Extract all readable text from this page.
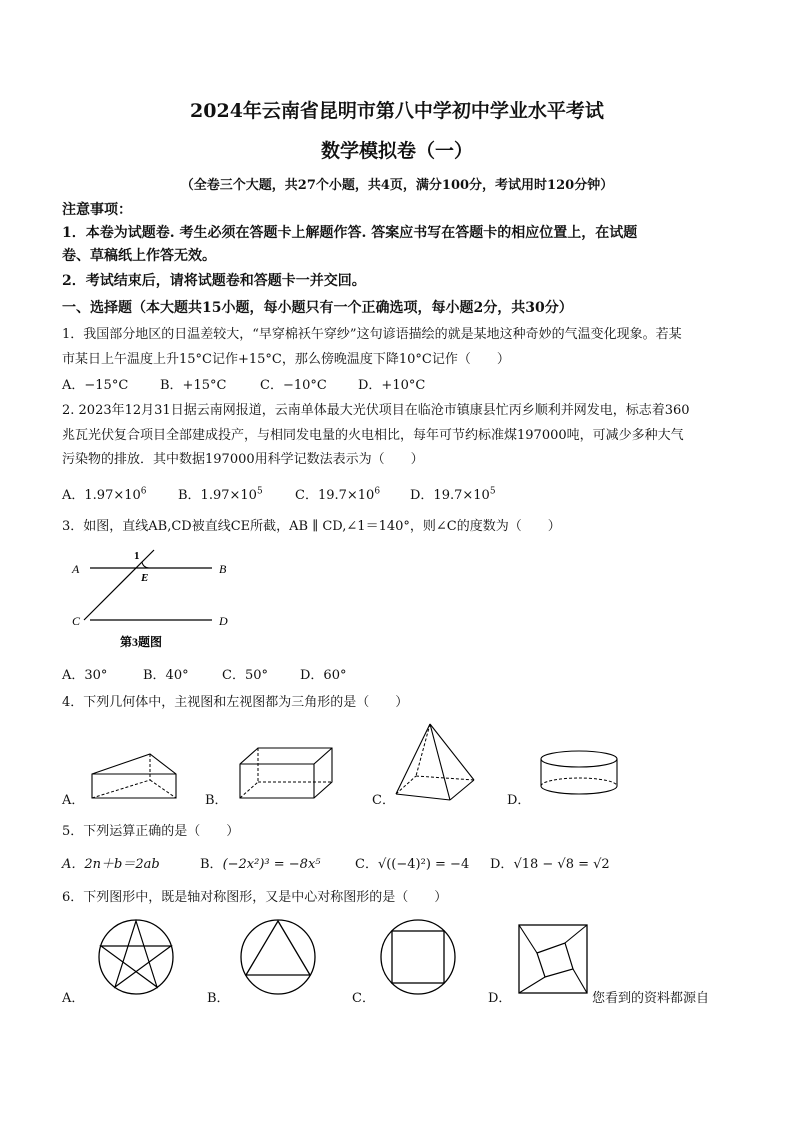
2024年云南省昆明市第八中学初中学业水平考试
数学模拟卷（一）
（全卷三个大题，共27个小题，共4页，满分100分，考试用时120分钟）
注意事项：
1．本卷为试题卷. 考生必须在答题卡上解题作答. 答案应书写在答题卡的相应位置上，在试题
卷、草稿纸上作答无效。
2．考试结束后，请将试题卷和答题卡一并交回。
一、选择题（本大题共15小题，每小题只有一个正确选项，每小题2分，共30分）
1．我国部分地区的日温差较大，“早穿棉袄午穿纱”这句谚语描绘的就是某地这种奇妙的气温变化现象。若某
市某日上午温度上升15°C记作+15°C，那么傍晚温度下降10°C记作（　　）
A．−15°C B．+15°C	C．−10°C D．+10°C
2. 2023年12月31日据云南网报道，云南单体最大光伏项目在临沧市镇康县忙丙乡顺利并网发电，标志着360
兆瓦光伏复合项目全部建成投产，与相同发电量的火电相比，每年可节约标准煤197000吨，可减少多种大气
污染物的排放．其中数据197000用科学记数法表示为（　　）
A．$1.97\times 10^6$ B．$1.97\times 10^5$ C．$19.7\times 10^6$ D．$19.7\times 10^5$
3．如图，直线AB,CD被直线CE所截，AB ∥ CD,∠1＝140°，则∠C的度数为（　　）
1
A	B
E
C	D
第3题图
A．30°	B．40°	C．50° D．60°
4．下列几何体中，主视图和左视图都为三角形的是（　　）
A．	B．	C．	D．
5．下列运算正确的是（　　）
A．2n＋b＝2ab	B．(−2x²)³ = −8x⁵	C．√((−4)²) = −4 D．√18 − √8 = √2
6．下列图形中，既是轴对称图形，又是中心对称图形的是（　　）
A．	B．	C．	D．	您看到的资料都源自
